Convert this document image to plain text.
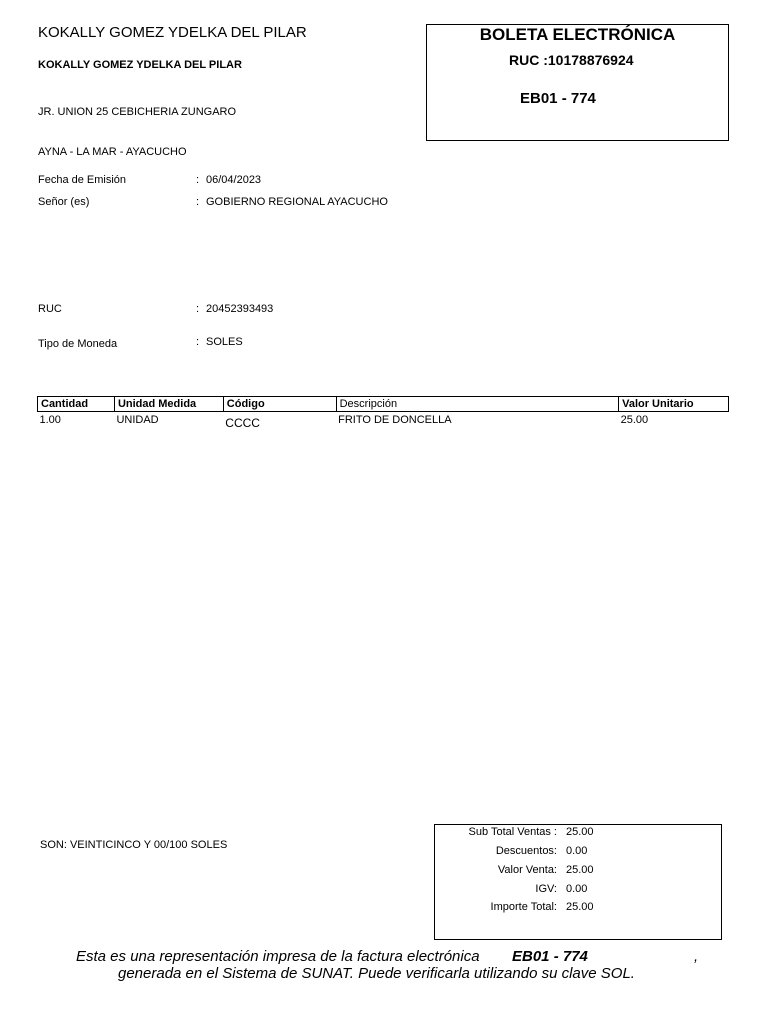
KOKALLY GOMEZ YDELKA DEL PILAR
KOKALLY GOMEZ YDELKA DEL PILAR
JR. UNION 25 CEBICHERIA ZUNGARO
AYNA - LA MAR - AYACUCHO
BOLETA ELECTRÓNICA
RUC :10178876924
EB01 - 774
Fecha de Emisión	: 06/04/2023
Señor (es)	: GOBIERNO REGIONAL AYACUCHO
RUC	: 20452393493
Tipo de Moneda	: SOLES
Cantidad	Unidad Medida	Código	Descripción	Valor Unitario
1.00	UNIDAD	CCCC	FRITO DE DONCELLA	25.00
SON: VEINTICINCO Y 00/100 SOLES
Sub Total Ventas : 25.00
Descuentos: 0.00
Valor Venta: 25.00
IGV: 0.00
Importe Total: 25.00
Esta es una representación impresa de la factura electrónica EB01 - 774	,
generada en el Sistema de SUNAT. Puede verificarla utilizando su clave SOL.
